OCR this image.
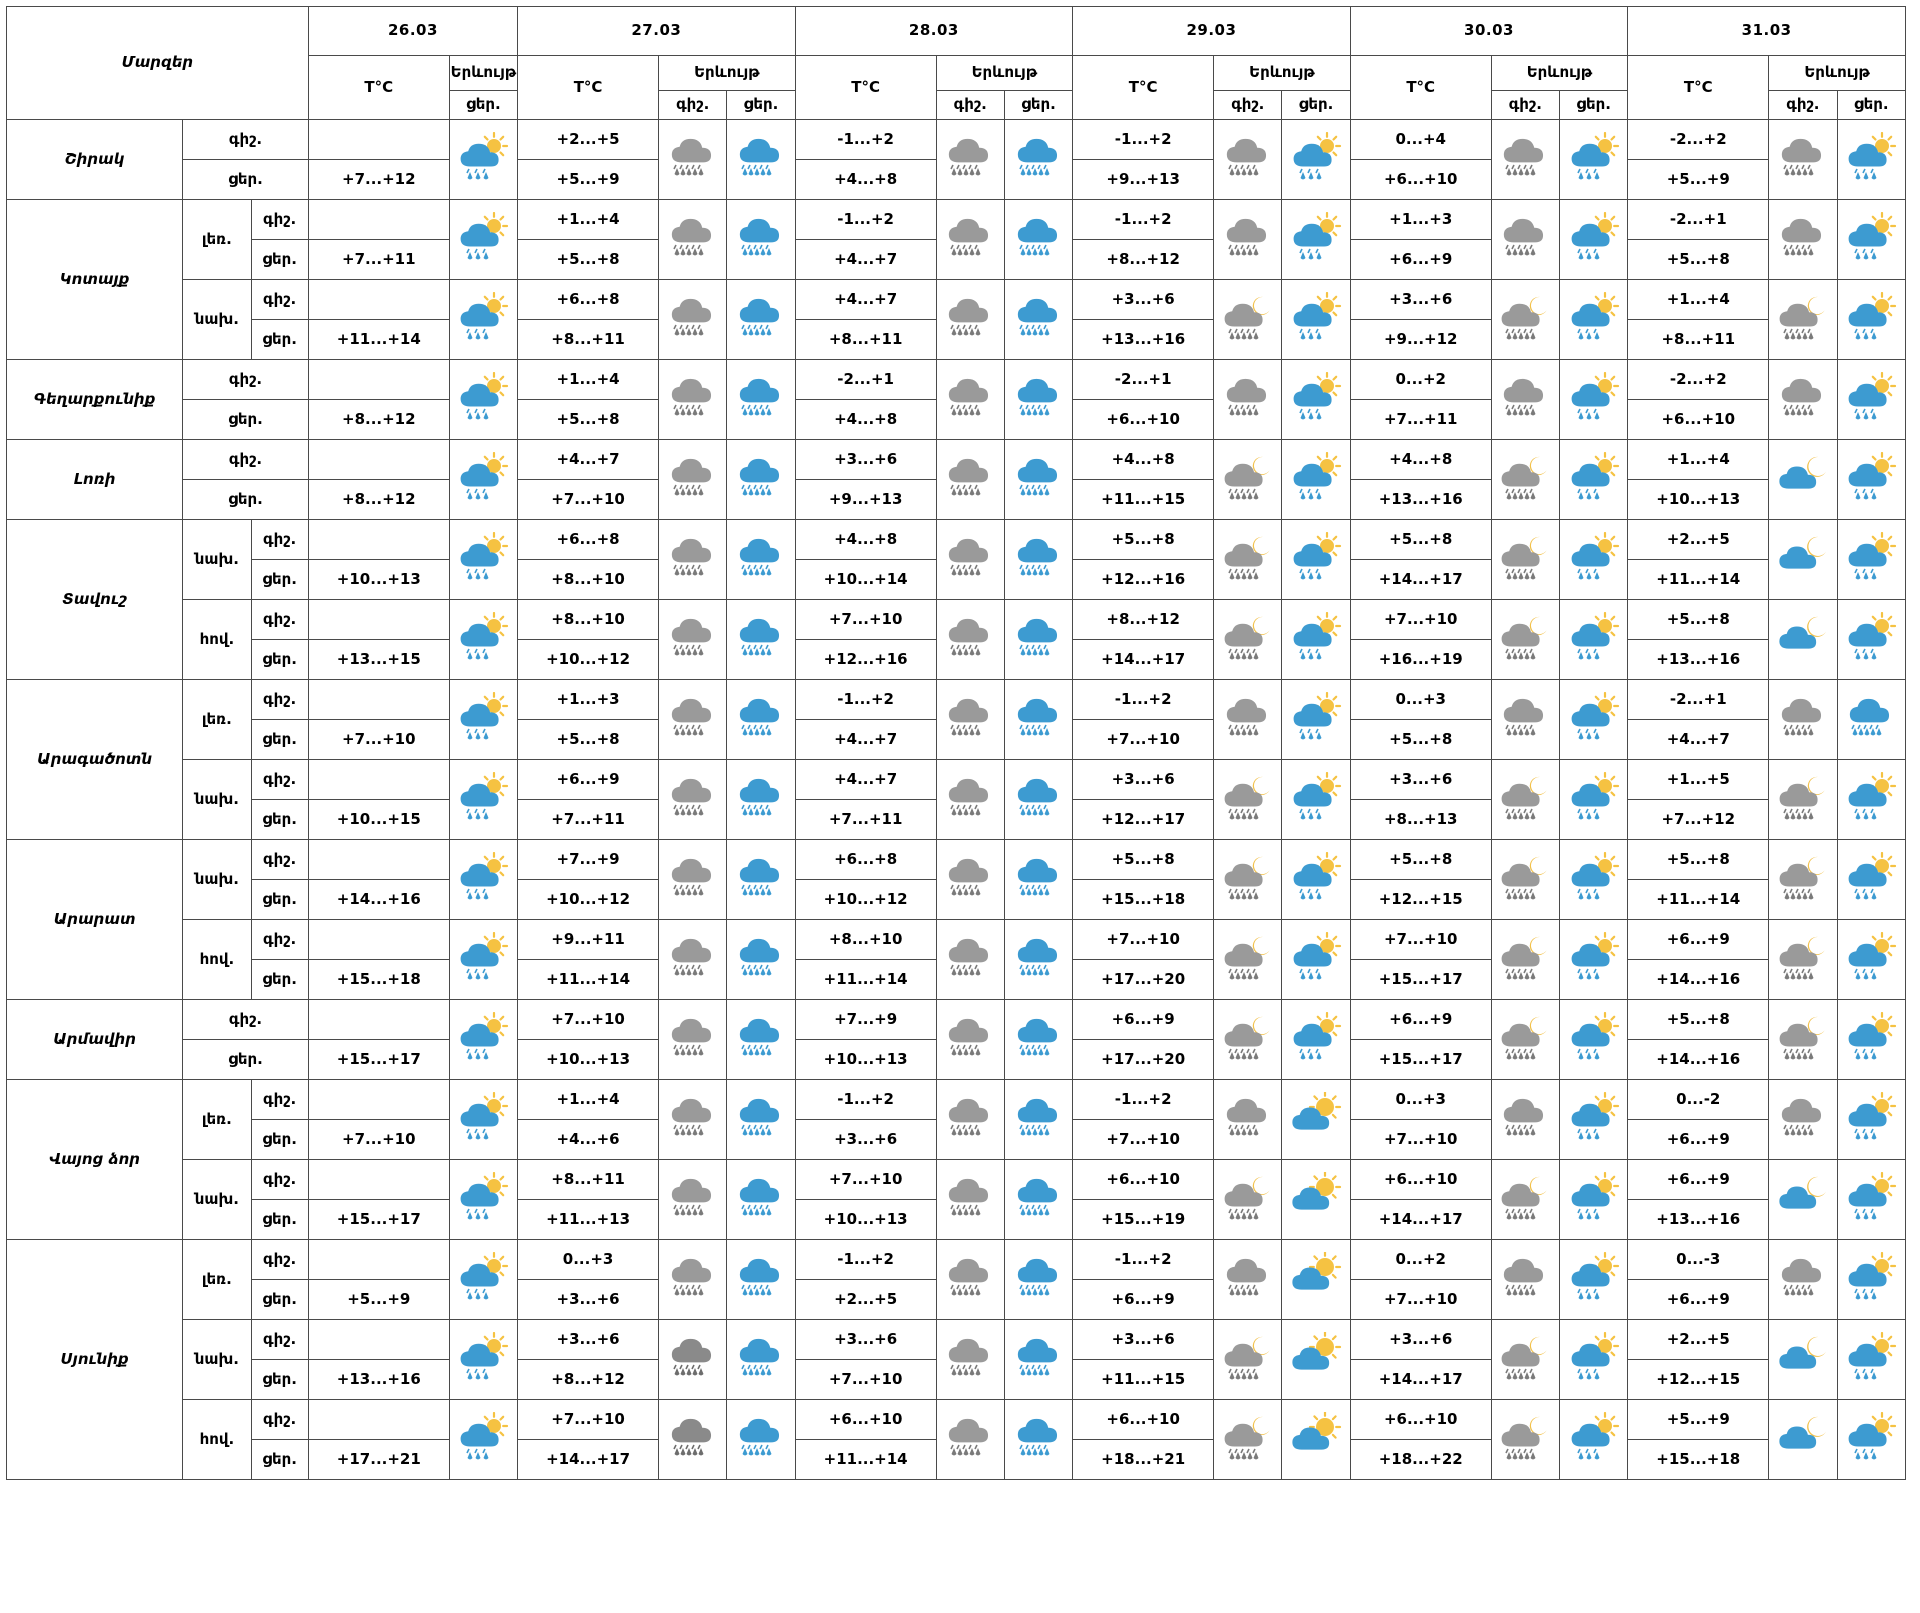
Մարզեր			26.03		27.03			28.03			29.03			30.03			31.03		
			T°C	Երևույթ	T°C	Երևույթ		T°C	Երևույթ		T°C	Երևույթ		T°C	Երևույթ		T°C	Երևույթ	
				ցեր.		գիշ.	ցեր.		գիշ.	ցեր.		գիշ.	ցեր.		գիշ.	ցեր.		գիշ.	ցեր.
Շիրակ	գիշ.				+2...+5			-1...+2			-1...+2			0...+4			-2...+2	

	ցեր.		+7...+12		+5...+9			+4...+8			+9...+13			+6...+10			+5...+9		
Կոտայք	լեռ.	գիշ.			+1...+4			-1...+2			-1...+2			+1...+3			-2...+1	

		ցեր.	+7...+11		+5...+8			+4...+7			+8...+12			+6...+9			+5...+8		
	նախ.	գիշ.			+6...+8			+4...+7			+3...+6			+3...+6			+1...+4	

		ցեր.	+11...+14		+8...+11			+8...+11			+13...+16			+9...+12			+8...+11		
Գեղարքունիք	գիշ.				+1...+4			-2...+1			-2...+1			0...+2			-2...+2	

	ցեր.		+8...+12		+5...+8			+4...+8			+6...+10			+7...+11			+6...+10		
Լոռի	գիշ.				+4...+7			+3...+6			+4...+8			+4...+8			+1...+4	

	ցեր.		+8...+12		+7...+10			+9...+13			+11...+15			+13...+16			+10...+13		
Տավուշ	նախ.	գիշ.			+6...+8			+4...+8			+5...+8			+5...+8			+2...+5	

		ցեր.	+10...+13		+8...+10			+10...+14			+12...+16			+14...+17			+11...+14		
	հով.	գիշ.			+8...+10			+7...+10			+8...+12			+7...+10			+5...+8	

		ցեր.	+13...+15		+10...+12			+12...+16			+14...+17			+16...+19			+13...+16		
Արագածոտն	լեռ.	գիշ.			+1...+3			-1...+2			-1...+2			0...+3			-2...+1	

		ցեր.	+7...+10		+5...+8			+4...+7			+7...+10			+5...+8			+4...+7		
	նախ.	գիշ.			+6...+9			+4...+7			+3...+6			+3...+6			+1...+5	

		ցեր.	+10...+15		+7...+11			+7...+11			+12...+17			+8...+13			+7...+12		
Արարատ	նախ.	գիշ.			+7...+9			+6...+8			+5...+8			+5...+8			+5...+8	

		ցեր.	+14...+16		+10...+12			+10...+12			+15...+18			+12...+15			+11...+14		
	հով.	գիշ.			+9...+11			+8...+10			+7...+10			+7...+10			+6...+9	

		ցեր.	+15...+18		+11...+14			+11...+14			+17...+20			+15...+17			+14...+16		
Արմավիր	գիշ.				+7...+10			+7...+9			+6...+9			+6...+9			+5...+8	

	ցեր.		+15...+17		+10...+13			+10...+13			+17...+20			+15...+17			+14...+16		
Վայոց ձոր	լեռ.	գիշ.			+1...+4			-1...+2			-1...+2			0...+3			0...-2	

		ցեր.	+7...+10		+4...+6			+3...+6			+7...+10			+7...+10			+6...+9		
	նախ.	գիշ.			+8...+11			+7...+10			+6...+10			+6...+10			+6...+9	

		ցեր.	+15...+17		+11...+13			+10...+13			+15...+19			+14...+17			+13...+16		
Սյունիք	լեռ.	գիշ.			0...+3			-1...+2			-1...+2			0...+2			0...-3	

		ցեր.	+5...+9		+3...+6			+2...+5			+6...+9			+7...+10			+6...+9		
	նախ.	գիշ.			+3...+6			+3...+6			+3...+6			+3...+6			+2...+5	

		ցեր.	+13...+16		+8...+12			+7...+10			+11...+15			+14...+17			+12...+15		
	հով.	գիշ.			+7...+10			+6...+10			+6...+10			+6...+10			+5...+9	

		ցեր.	+17...+21		+14...+17			+11...+14			+18...+21			+18...+22			+15...+18		
